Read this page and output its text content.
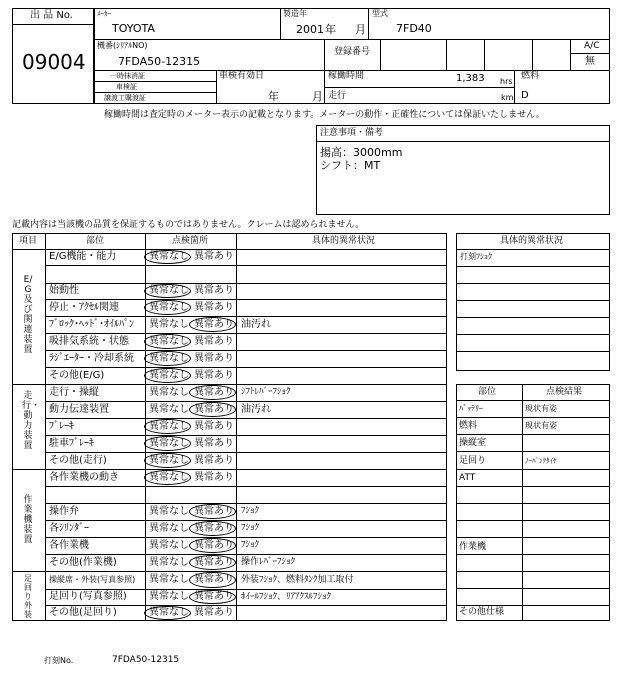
出 品 No.
09004
ﾒｰｶｰ
TOYOTA
製造年
2001 年 月
型式
7FD40
機番(ｼﾘｱﾙNO)
7FDA50-12315
登録番号
A/C
無
一時抹消証
車検証
譲渡工購渡証
車検有効日
年	月
稼働時間	1,383 hrs
走行	km
燃料
D
稼働時間は査定時のメーター表示の記載となります。メーターの動作・正確性については保証いたしません。
注意事項・備考
揚高：3000mm
シフト：MT
記載内容は当該機の品質を保証するものではありません。クレームは認められません。
項目	部位	点検箇所	具体的異常状況
E/G及び関連装置
走行・動力装置
作業機装置
足回り外装
E/G機能・能力	異常なし 異常あり
始動性	異常なし 異常あり
停止・ｱｸｾﾙ関連	異常なし 異常あり
ﾌﾞﾛｯｸ･ﾍｯﾄﾞ･ｵｲﾙﾊﾟﾝ 異常なし 異常あり 油汚れ
吸排気系統・状態 異常なし 異常あり
ﾗｼﾞｴｰﾀｰ・冷却系統 異常なし 異常あり
その他(E/G)	異常なし 異常あり
走行・操縦	異常なし 異常あり ｼﾌﾄﾚﾊﾞｰﾌｼｮｸ
動力伝達装置	異常なし 異常あり 油汚れ
ﾌﾞﾚｰｷ	異常なし 異常あり
駐車ﾌﾞﾚｰｷ	異常なし 異常あり
その他(走行)	異常なし 異常あり
各作業機の動き	異常なし 異常あり
操作弁	異常なし 異常あり ﾌｼｮｸ
各ｼﾘﾝﾀﾞｰ	異常なし 異常あり ﾌｼｮｸ
各作業機	異常なし 異常あり ﾌｼｮｸ
その他(作業機)	異常なし 異常あり 操作ﾚﾊﾞｰﾌｼｮｸ
操縦席・外装(写真参照) 異常なし 異常あり 外装ﾌｼｮｸ、燃料ﾀﾝｸ加工取付
足回り(写真参照) 異常なし 異常あり ﾎｲｰﾙﾌｼｮｸ、ﾘｱｱｸｽﾙﾌｼｮｸ
その他(足回り)	異常なし 異常あり
具体的異常状況
打刻ﾌｼｮｸ
部位	点検結果
ﾊﾞｯﾃﾘｰ	現状有姿
燃料	現状有姿
操縦室
足回り	ﾉｰﾊﾟﾝｸﾀｲﾔ
ATT
作業機
その他仕様
打刻No.	7FDA50-12315
